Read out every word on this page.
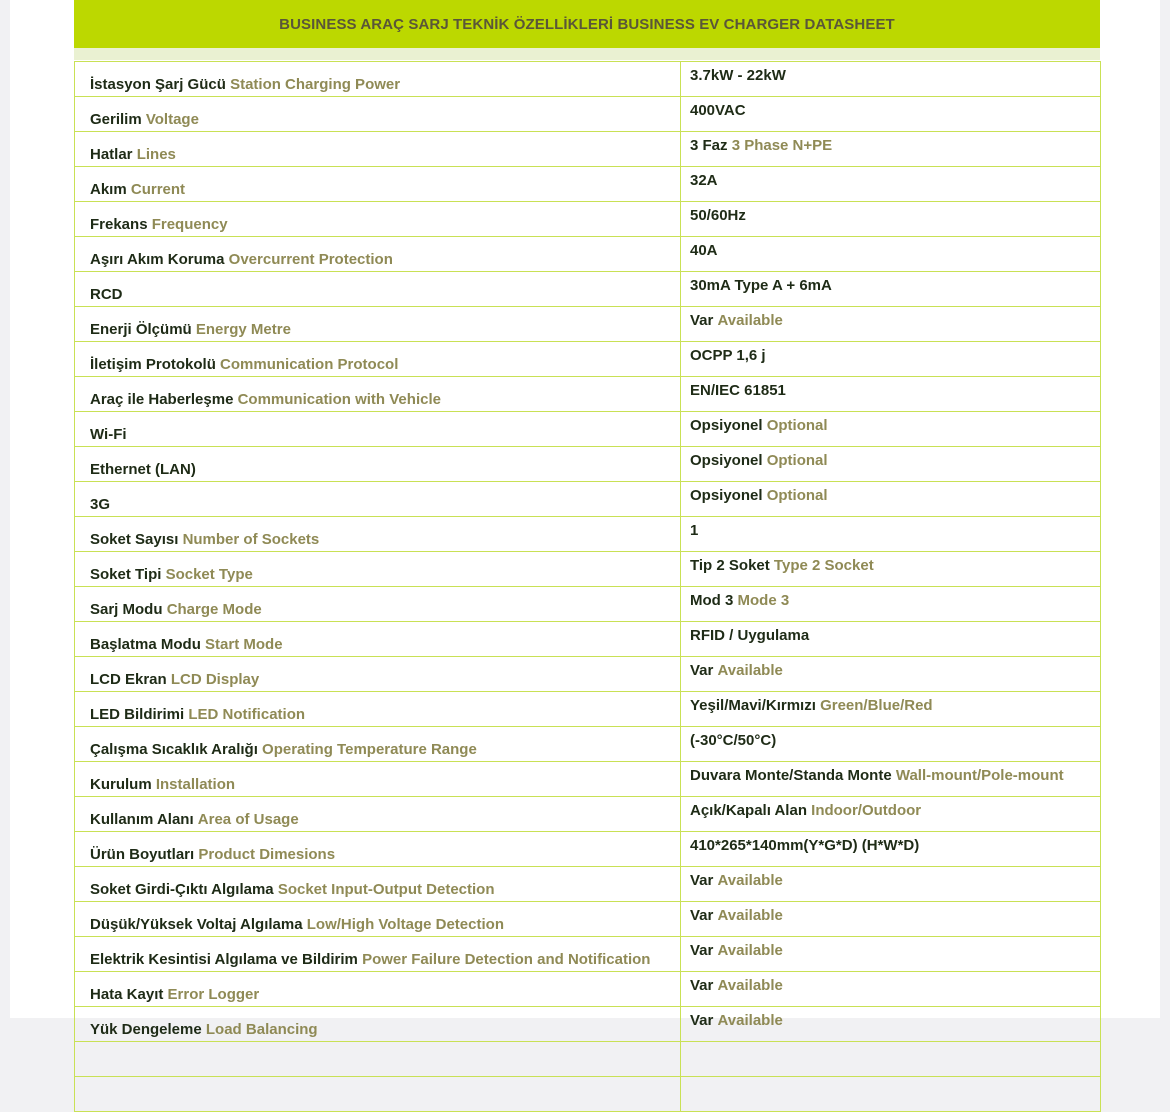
BUSINESS ARAÇ SARJ TEKNİK ÖZELLİKLERİ BUSINESS EV CHARGER DATASHEET
İstasyon Şarj Gücü Station Charging Power	3.7kW - 22kW
Gerilim Voltage	400VAC
Hatlar Lines	3 Faz 3 Phase N+PE
Akım Current	32A
Frekans Frequency	50/60Hz
Aşırı Akım Koruma Overcurrent Protection	40A
RCD	30mA Type A + 6mA
Enerji Ölçümü Energy Metre	Var Available
İletişim Protokolü Communication Protocol	OCPP 1,6 j
Araç ile Haberleşme Communication with Vehicle	EN/IEC 61851
Wi-Fi	Opsiyonel Optional
Ethernet (LAN)	Opsiyonel Optional
3G	Opsiyonel Optional
Soket Sayısı Number of Sockets	1
Soket Tipi Socket Type	Tip 2 Soket Type 2 Socket
Sarj Modu Charge Mode	Mod 3 Mode 3
Başlatma Modu Start Mode	RFID / Uygulama
LCD Ekran LCD Display	Var Available
LED Bildirimi LED Notification	Yeşil/Mavi/Kırmızı Green/Blue/Red
Çalışma Sıcaklık Aralığı Operating Temperature Range	(-30°C/50°C)
Kurulum Installation	Duvara Monte/Standa Monte Wall-mount/Pole-mount
Kullanım Alanı Area of Usage	Açık/Kapalı Alan Indoor/Outdoor
Ürün Boyutları Product Dimesions	410*265*140mm(Y*G*D) (H*W*D)
Soket Girdi-Çıktı Algılama Socket Input-Output Detection	Var Available
Düşük/Yüksek Voltaj Algılama Low/High Voltage Detection	Var Available
Elektrik Kesintisi Algılama ve Bildirim Power Failure Detection and Notification	Var Available
Hata Kayıt Error Logger	Var Available
Yük Dengeleme Load Balancing	Var Available
